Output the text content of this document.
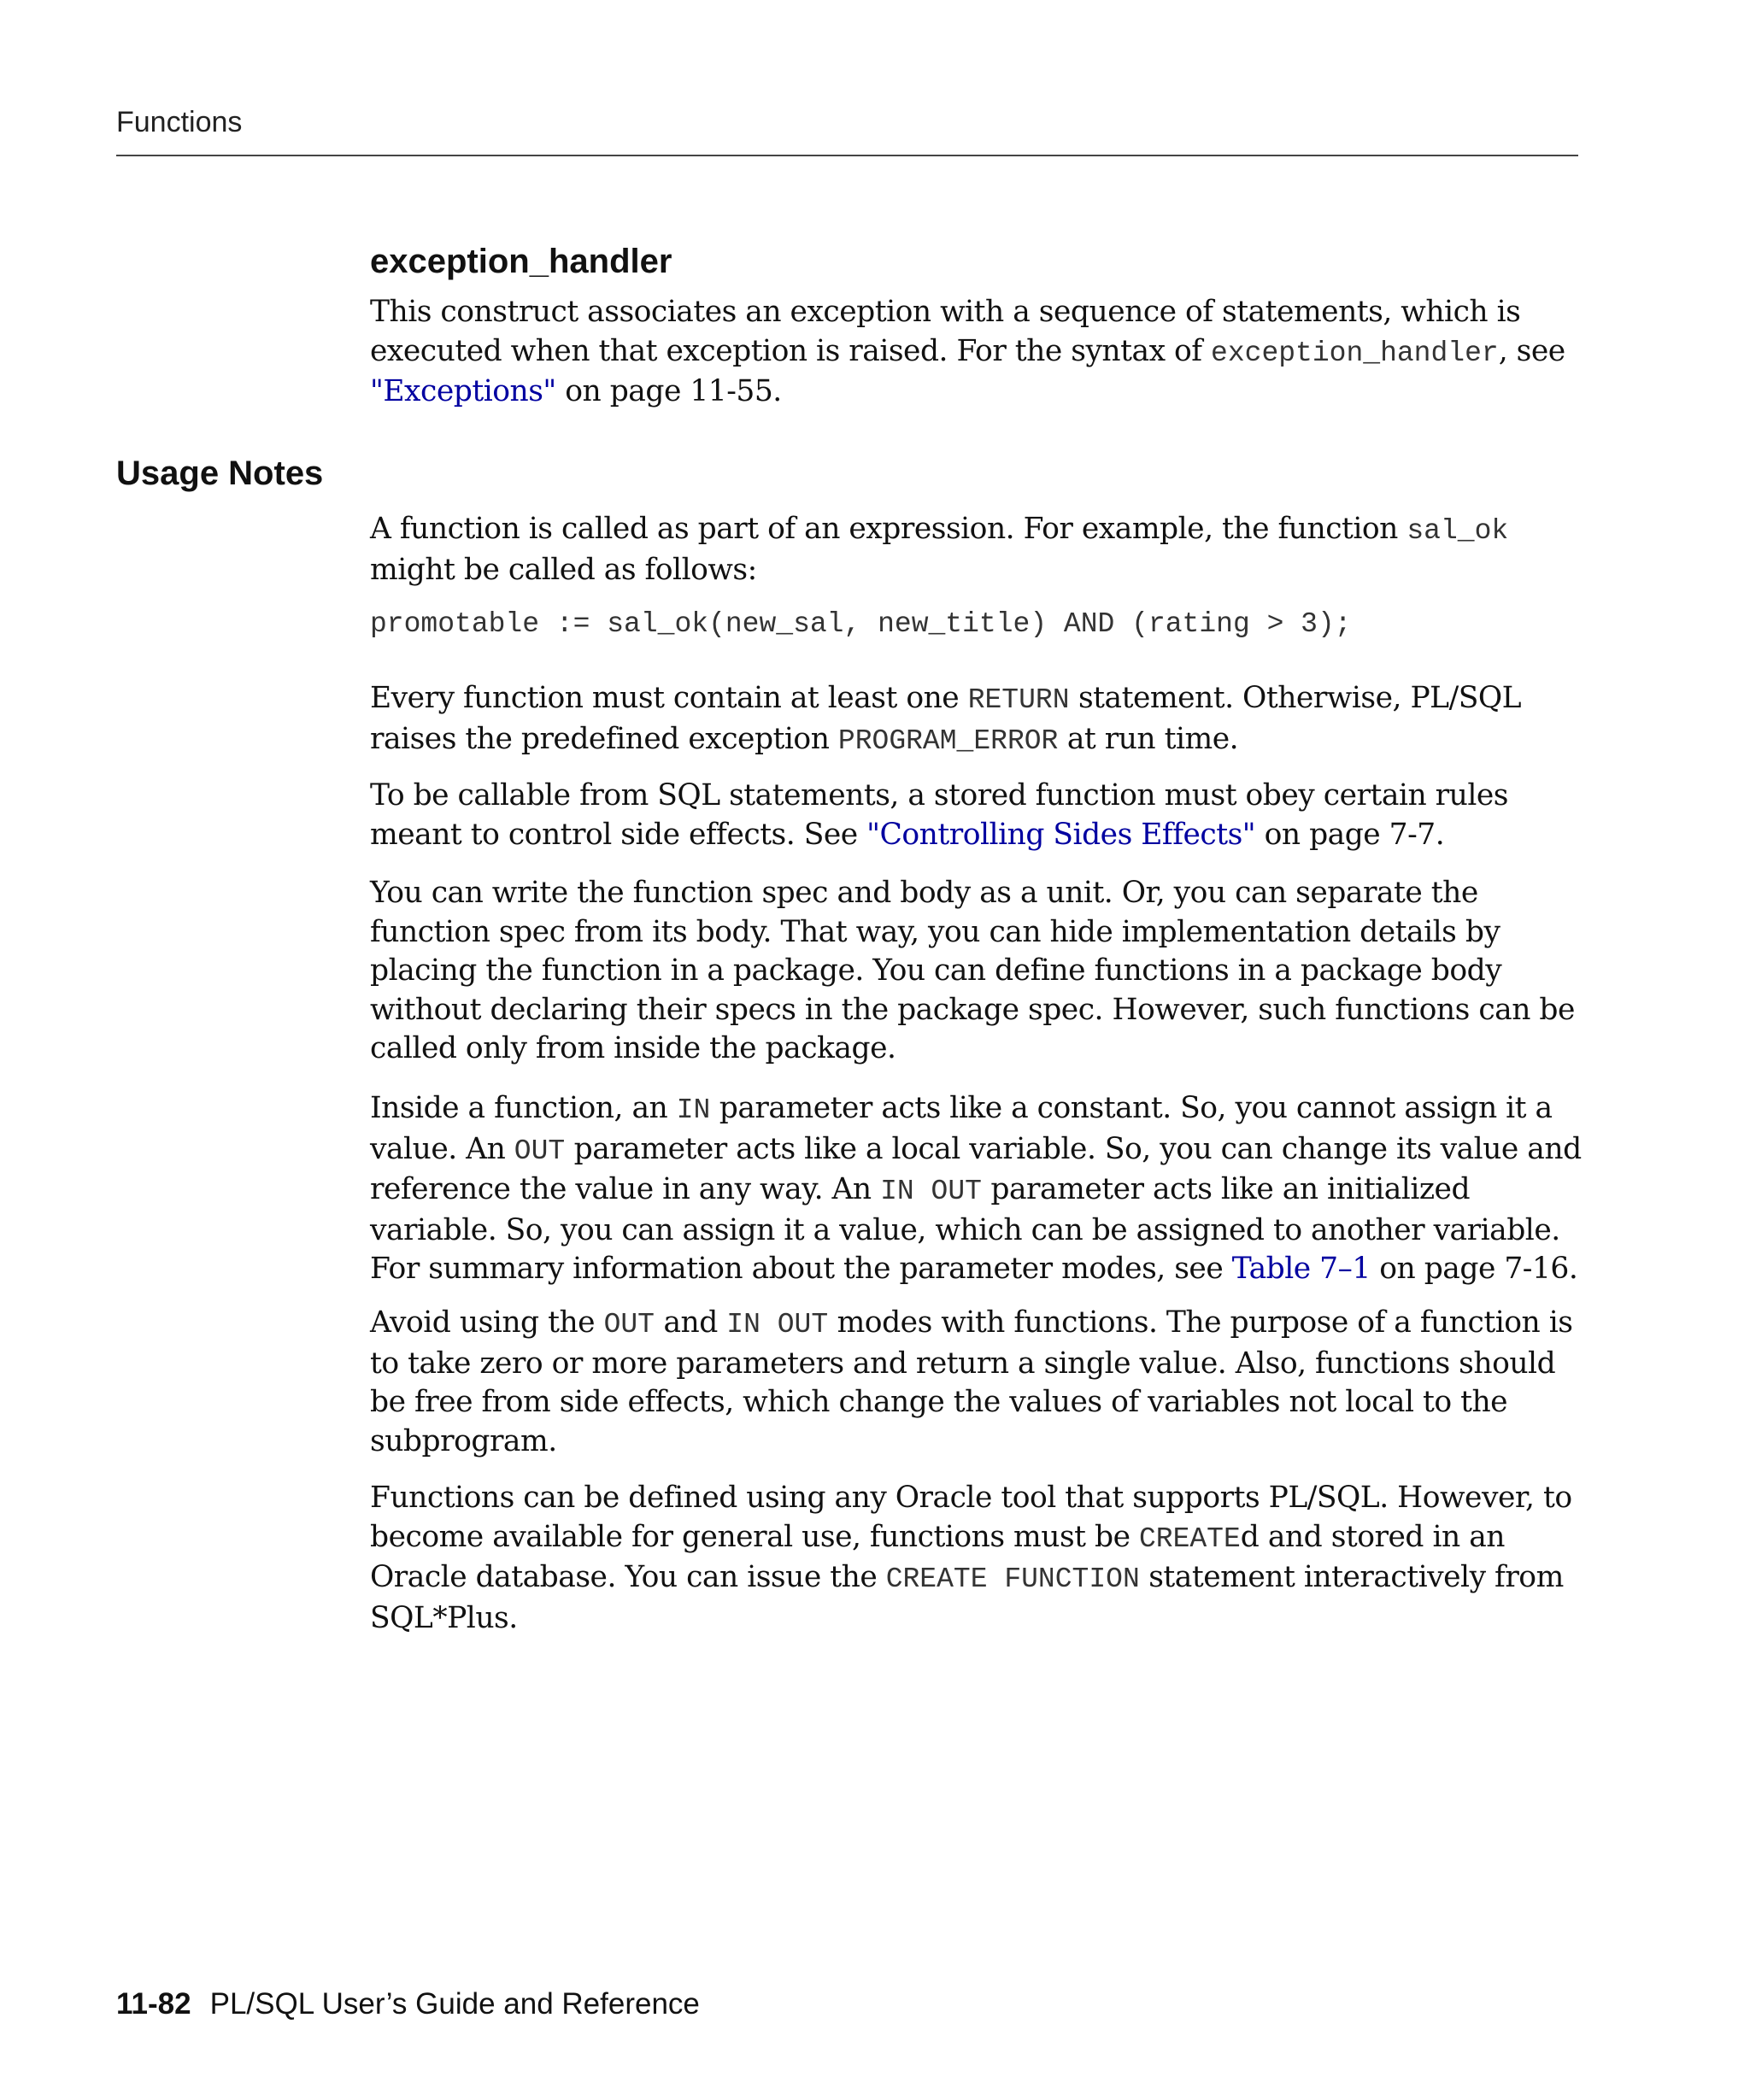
Functions
exception_handler

This construct associates an exception with a sequence of statements, which is executed when that exception is raised. For the syntax of exception_handler, see "Exceptions" on page 11-55.

Usage Notes

A function is called as part of an expression. For example, the function sal_ok might be called as follows:

promotable := sal_ok(new_sal, new_title) AND (rating > 3);

Every function must contain at least one RETURN statement. Otherwise, PL/SQL raises the predefined exception PROGRAM_ERROR at run time.

To be callable from SQL statements, a stored function must obey certain rules meant to control side effects. See "Controlling Sides Effects" on page 7-7.

You can write the function spec and body as a unit. Or, you can separate the function spec from its body. That way, you can hide implementation details by placing the function in a package. You can define functions in a package body without declaring their specs in the package spec. However, such functions can be called only from inside the package.

Inside a function, an IN parameter acts like a constant. So, you cannot assign it a value. An OUT parameter acts like a local variable. So, you can change its value and reference the value in any way. An IN OUT parameter acts like an initialized variable. So, you can assign it a value, which can be assigned to another variable. For summary information about the parameter modes, see Table 7–1 on page 7-16.

Avoid using the OUT and IN OUT modes with functions. The purpose of a function is to take zero or more parameters and return a single value. Also, functions should be free from side effects, which change the values of variables not local to the subprogram.

Functions can be defined using any Oracle tool that supports PL/SQL. However, to become available for general use, functions must be CREATEd and stored in an Oracle database. You can issue the CREATE FUNCTION statement interactively from SQL*Plus.

11-82 PL/SQL User’s Guide and Reference
